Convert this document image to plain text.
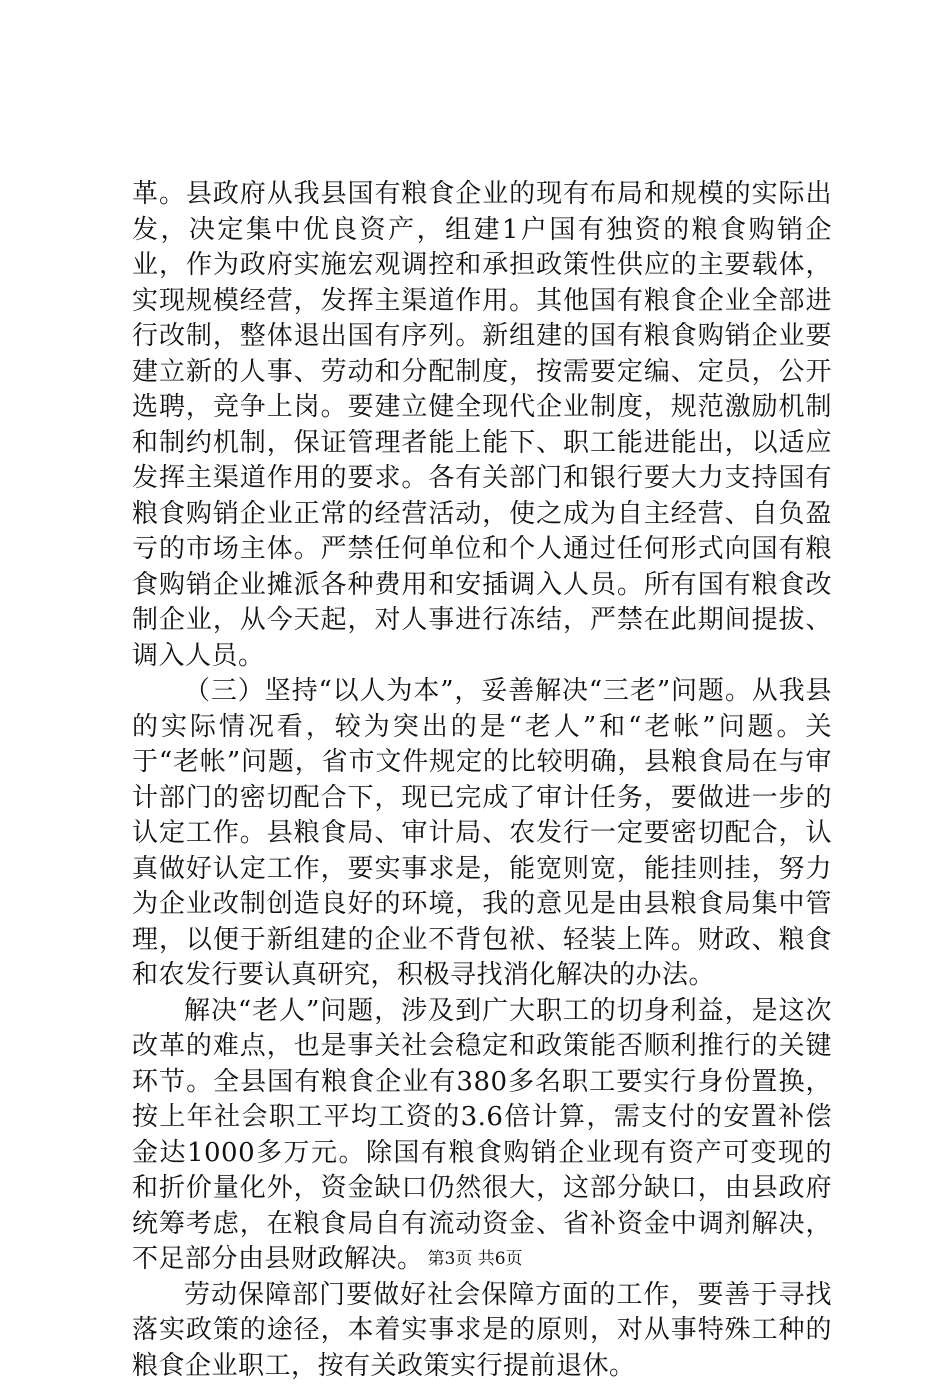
革。县政府从我县国有粮食企业的现有布局和规模的实际出发，决定集中优良资产，组建1户国有独资的粮食购销企业，作为政府实施宏观调控和承担政策性供应的主要载体，实现规模经营，发挥主渠道作用。其他国有粮食企业全部进行改制，整体退出国有序列。新组建的国有粮食购销企业要建立新的人事、劳动和分配制度，按需要定编、定员，公开选聘，竞争上岗。要建立健全现代企业制度，规范激励机制和制约机制，保证管理者能上能下、职工能进能出，以适应发挥主渠道作用的要求。各有关部门和银行要大力支持国有粮食购销企业正常的经营活动，使之成为自主经营、自负盈亏的市场主体。严禁任何单位和个人通过任何形式向国有粮食购销企业摊派各种费用和安插调入人员。所有国有粮食改制企业，从今天起，对人事进行冻结，严禁在此期间提拔、调入人员。

（三）坚持“以人为本”，妥善解决“三老”问题。从我县的实际情况看，较为突出的是“老人”和“老帐”问题。关于“老帐”问题，省市文件规定的比较明确，县粮食局在与审计部门的密切配合下，现已完成了审计任务，要做进一步的认定工作。县粮食局、审计局、农发行一定要密切配合，认真做好认定工作，要实事求是，能宽则宽，能挂则挂，努力为企业改制创造良好的环境，我的意见是由县粮食局集中管理，以便于新组建的企业不背包袱、轻装上阵。财政、粮食和农发行要认真研究，积极寻找消化解决的办法。

解决“老人”问题，涉及到广大职工的切身利益，是这次改革的难点，也是事关社会稳定和政策能否顺利推行的关键环节。全县国有粮食企业有380多名职工要实行身份置换，按上年社会职工平均工资的3.6倍计算，需支付的安置补偿金达1000多万元。除国有粮食购销企业现有资产可变现的和折价量化外，资金缺口仍然很大，这部分缺口，由县政府统筹考虑，在粮食局自有流动资金、省补资金中调剂解决，不足部分由县财政解决。

劳动保障部门要做好社会保障方面的工作，要善于寻找落实政策的途径，本着实事求是的原则，对从事特殊工种的粮食企业职工，按有关政策实行提前退休。

第3页 共6页
